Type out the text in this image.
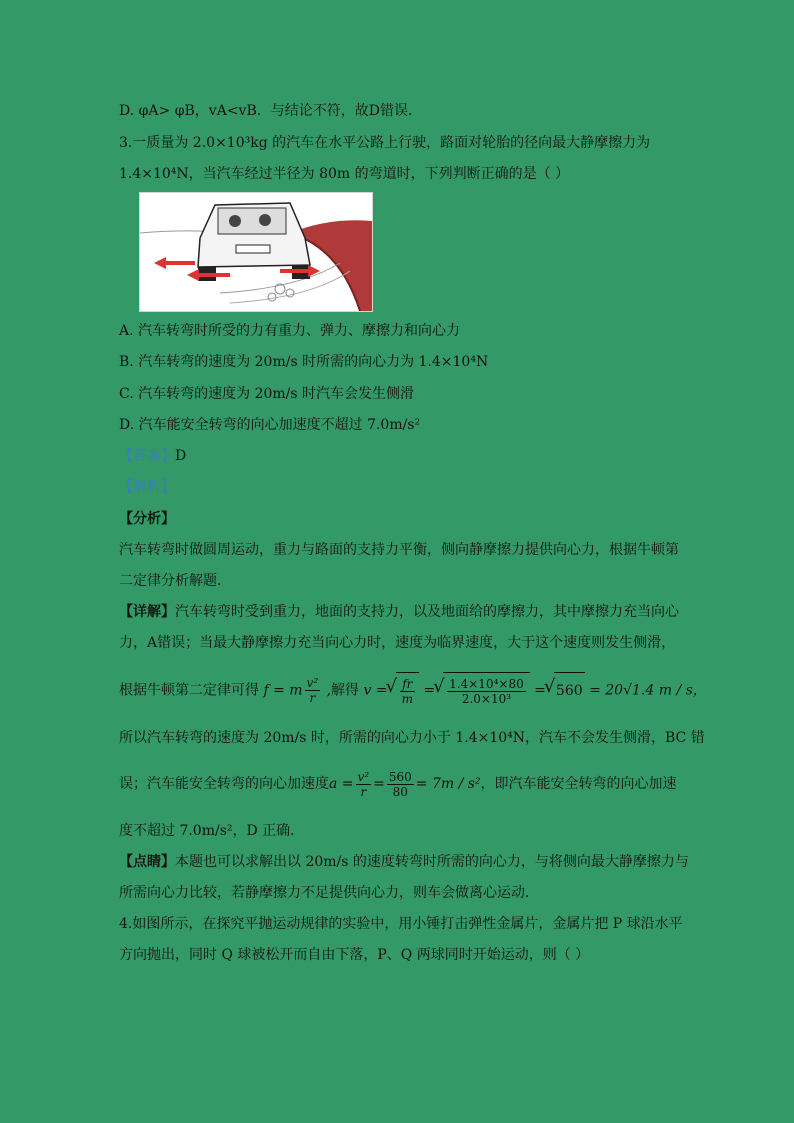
D. φA> φB，vA<vB．与结论不符，故D错误．
3.一质量为 2.0×10³kg 的汽车在水平公路上行驶，路面对轮胎的径向最大静摩擦力为
1.4×10⁴N，当汽车经过半径为 80m 的弯道时，下列判断正确的是（ ）
A. 汽车转弯时所受的力有重力、弹力、摩擦力和向心力
B. 汽车转弯的速度为 20m/s 时所需的向心力为 1.4×10⁴N
C. 汽车转弯的速度为 20m/s 时汽车会发生侧滑
D. 汽车能安全转弯的向心加速度不超过 7.0m/s²
【答案】D
【解析】
【分析】
汽车转弯时做圆周运动，重力与路面的支持力平衡，侧向静摩擦力提供向心力，根据牛顿第
二定律分析解题．
【详解】汽车转弯时受到重力，地面的支持力，以及地面给的摩擦力，其中摩擦力充当向心
力，A错误；当最大静摩擦力充当向心力时，速度为临界速度，大于这个速度则发生侧滑，
根据牛顿第二定律可得 f = m $\frac{\text{v²}}{r}$ ,解得 v = √ $\frac{fr}{m}$ = √ $\frac{\text{1.4×10⁴×80}}{\text{2.0×10³}}$ = √ 560 = 20√1.4 m / s，
所以汽车转弯的速度为 20m/s 时，所需的向心力小于 1.4×10⁴N，汽车不会发生侧滑，BC 错
误；汽车能安全转弯的向心加速度$a = \frac{\text{v²}}{r} = \frac{560}{80} = 7m / s^2$，即汽车能安全转弯的向心加速
度不超过 7.0m/s²，D 正确．
【点睛】本题也可以求解出以 20m/s 的速度转弯时所需的向心力，与将侧向最大静摩擦力与
所需向心力比较，若静摩擦力不足提供向心力，则车会做离心运动．
4.如图所示，在探究平抛运动规律的实验中，用小锤打击弹性金属片，金属片把 P 球沿水平
方向抛出，同时 Q 球被松开而自由下落，P、Q 两球同时开始运动，则（ ）
